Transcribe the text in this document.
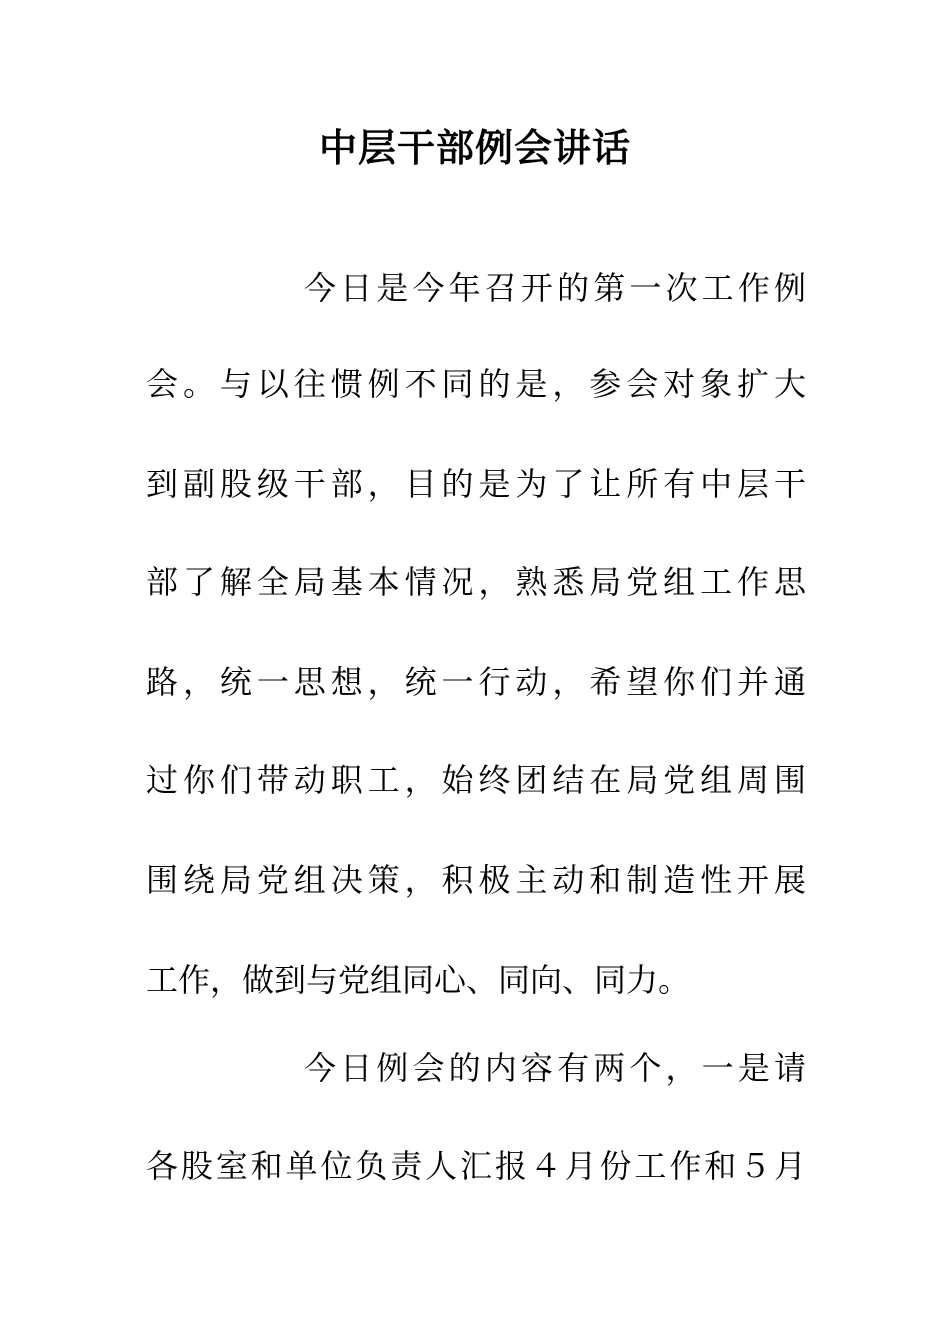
中层干部例会讲话
今日是今年召开的第一次工作例
会。与以往惯例不同的是，参会对象扩大
到副股级干部，目的是为了让所有中层干
部了解全局基本情况，熟悉局党组工作思
路，统一思想，统一行动，希望你们并通
过你们带动职工，始终团结在局党组周围
围绕局党组决策，积极主动和制造性开展
工作，做到与党组同心、同向、同力。
今日例会的内容有两个，一是请
各股室和单位负责人汇报４月份工作和５月
